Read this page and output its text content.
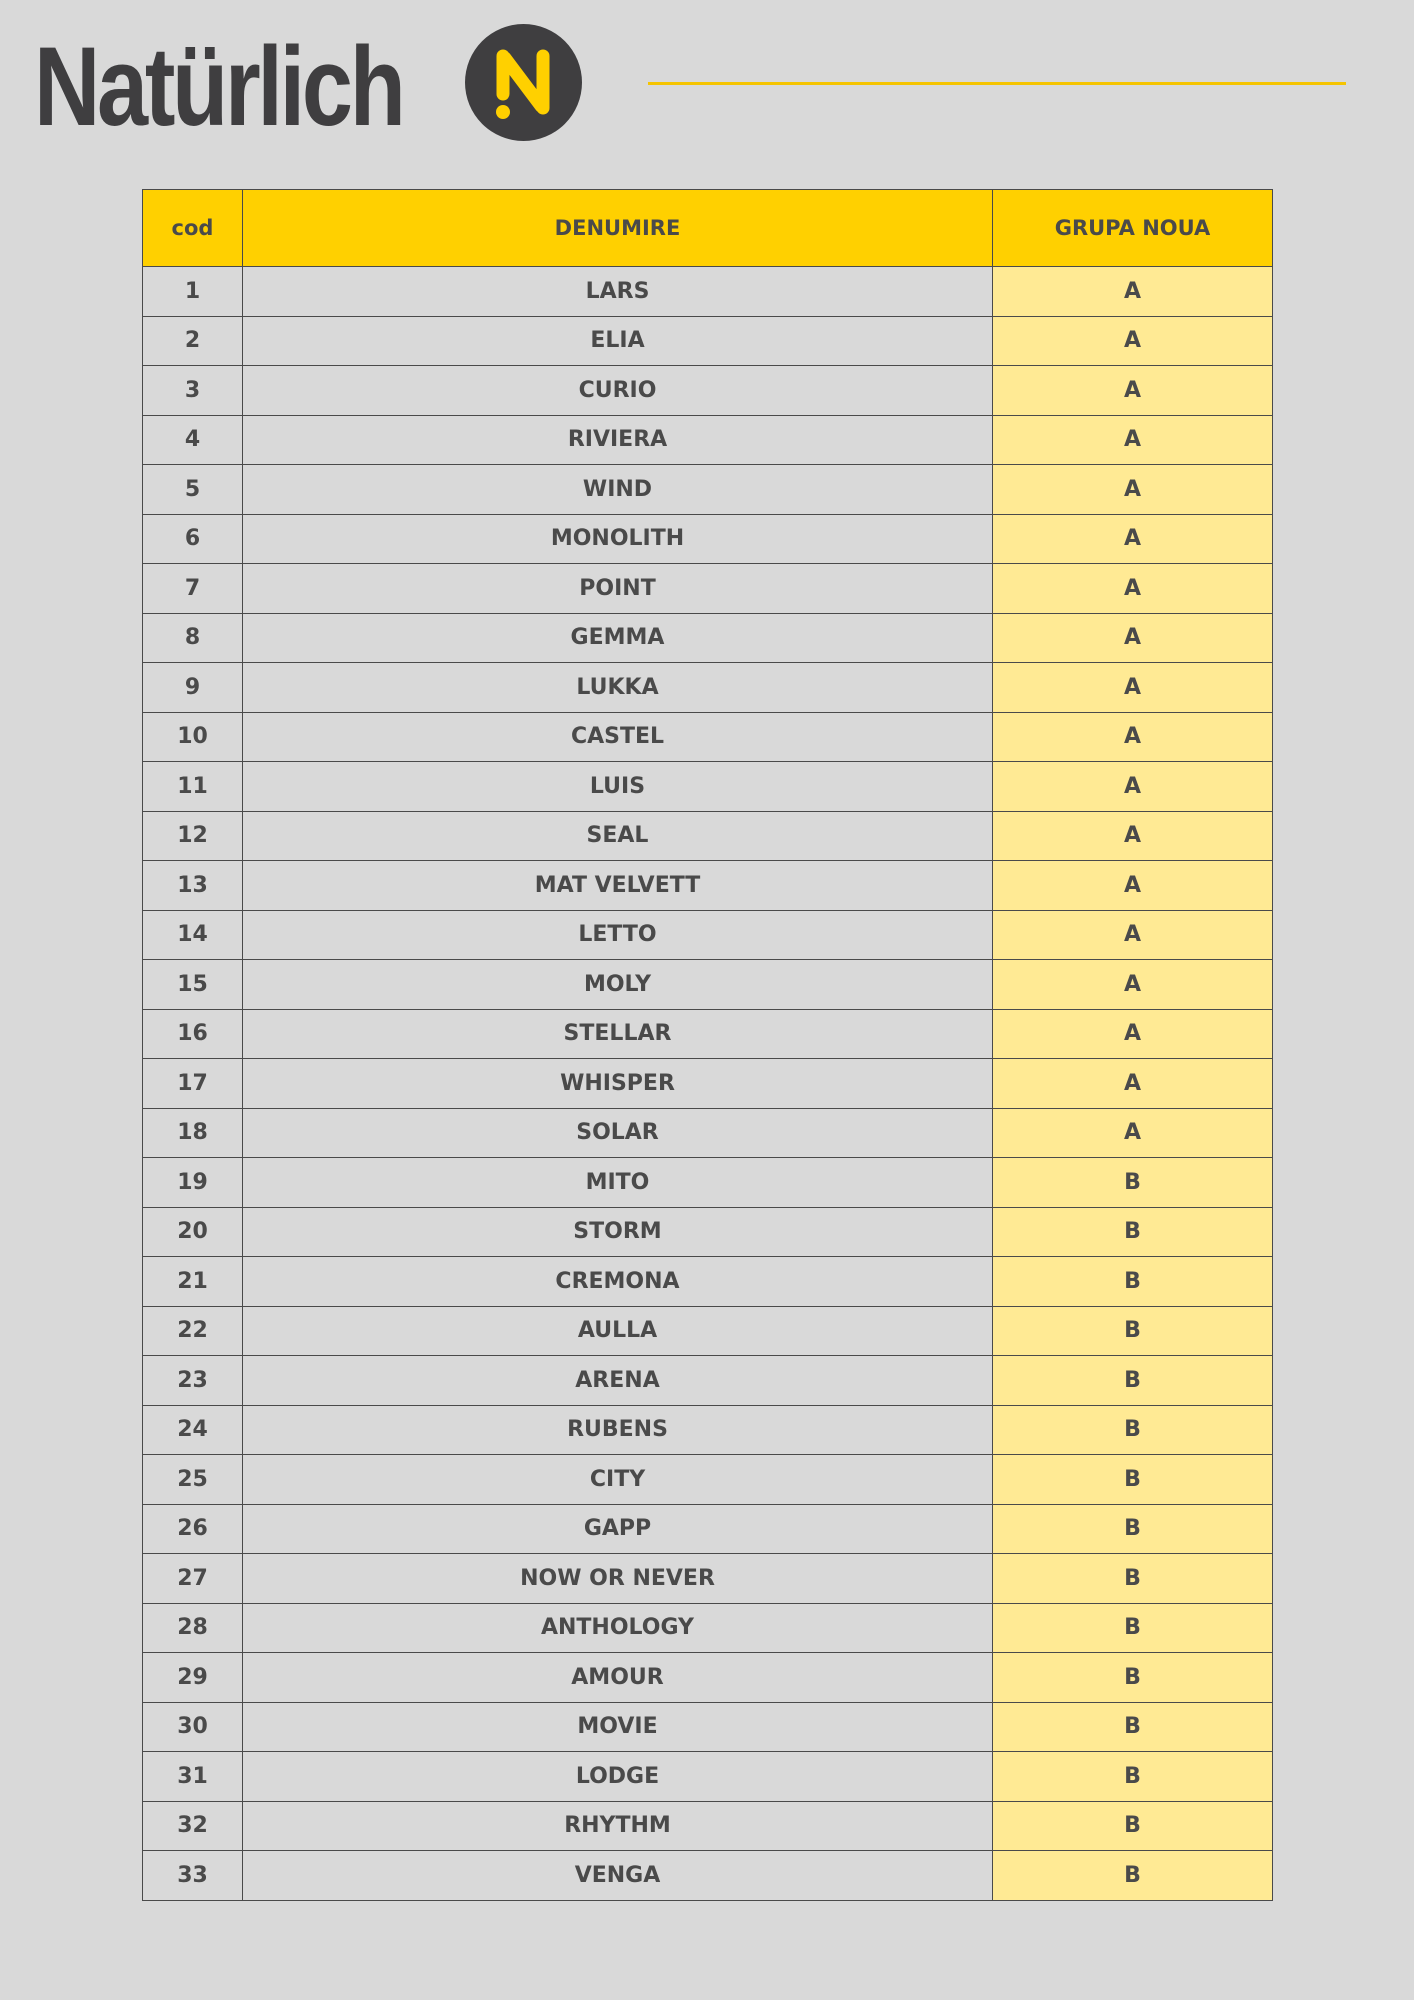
Natürlich
cod	DENUMIRE	GRUPA NOUA
1	LARS	A
2	ELIA	A
3	CURIO	A
4	RIVIERA	A
5	WIND	A
6	MONOLITH	A
7	POINT	A
8	GEMMA	A
9	LUKKA	A
10	CASTEL	A
11	LUIS	A
12	SEAL	A
13	MAT VELVETT	A
14	LETTO	A
15	MOLY	A
16	STELLAR	A
17	WHISPER	A
18	SOLAR	A
19	MITO	B
20	STORM	B
21	CREMONA	B
22	AULLA	B
23	ARENA	B
24	RUBENS	B
25	CITY	B
26	GAPP	B
27	NOW OR NEVER	B
28	ANTHOLOGY	B
29	AMOUR	B
30	MOVIE	B
31	LODGE	B
32	RHYTHM	B
33	VENGA	B
